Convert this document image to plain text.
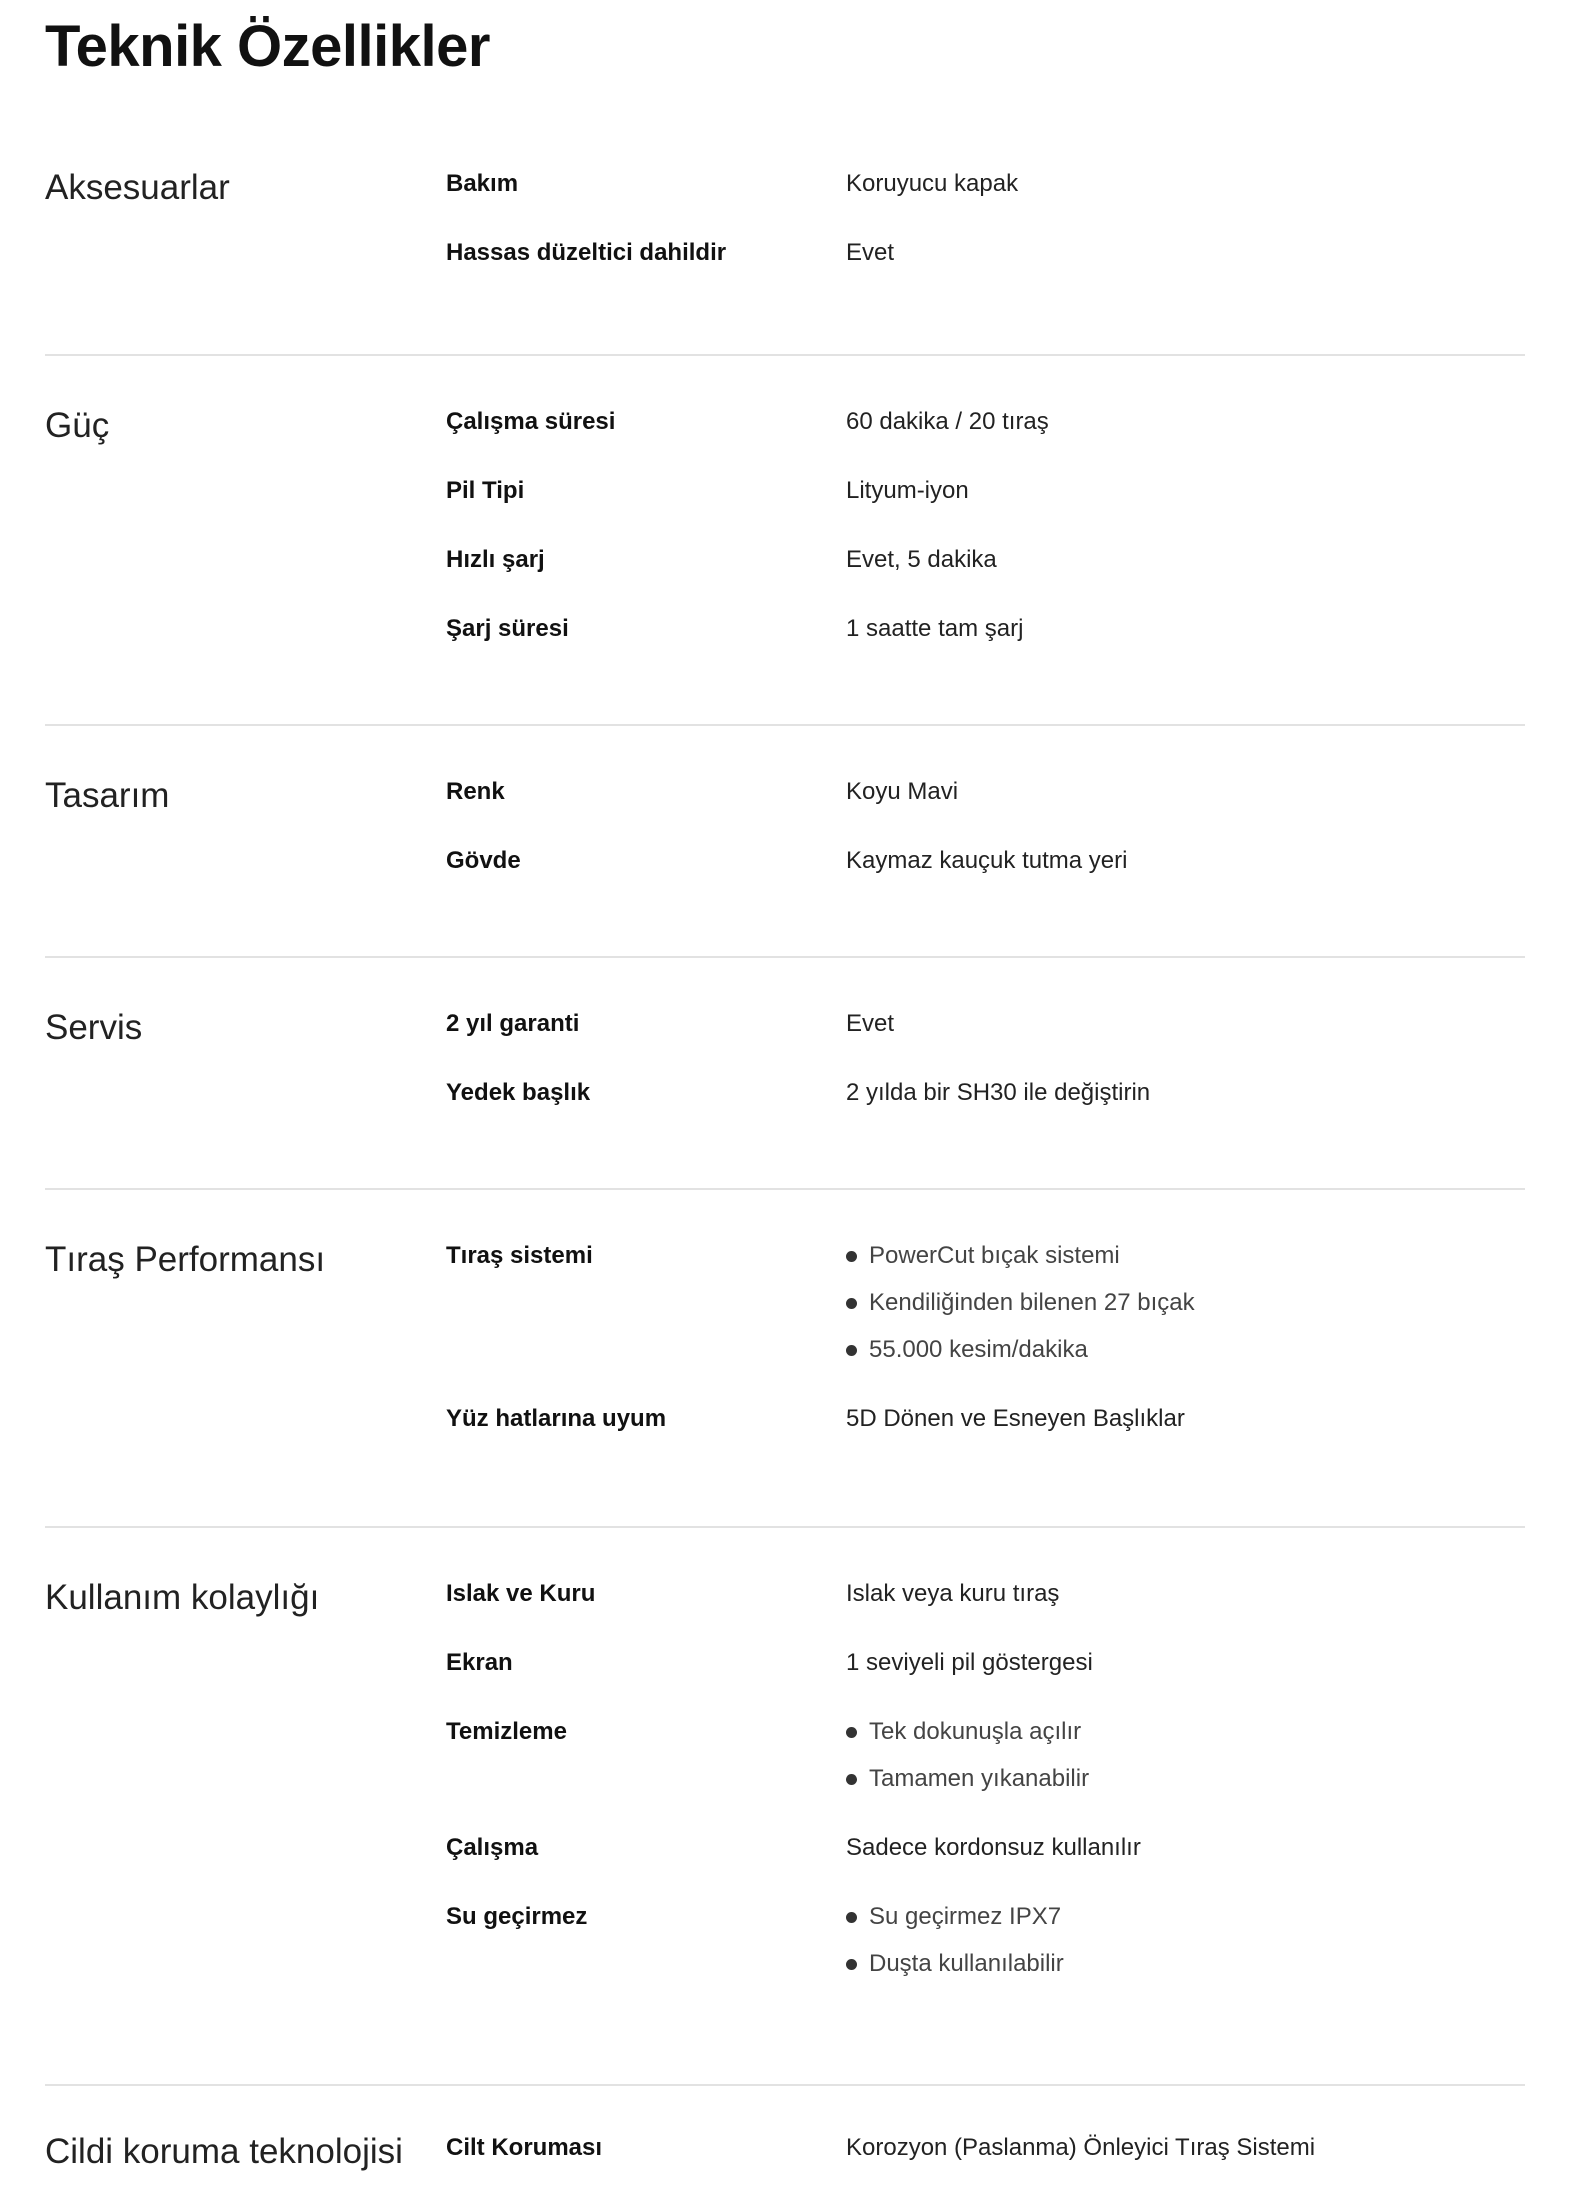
Teknik Özellikler
Aksesuarlar	Bakım	Koruyucu kapak
Hassas düzeltici dahildir	Evet
Güç	Çalışma süresi	60 dakika / 20 tıraş
Pil Tipi	Lityum-iyon
Hızlı şarj	Evet, 5 dakika
Şarj süresi	1 saatte tam şarj
Tasarım	Renk	Koyu Mavi
Gövde	Kaymaz kauçuk tutma yeri
Servis	2 yıl garanti	Evet
Yedek başlık	2 yılda bir SH30 ile değiştirin
Tıraş Performansı	Tıraş sistemi	PowerCut bıçak sistemi
Kendiliğinden bilenen 27 bıçak
55.000 kesim/dakika
Yüz hatlarına uyum	5D Dönen ve Esneyen Başlıklar
Kullanım kolaylığı	Islak ve Kuru	Islak veya kuru tıraş
Ekran	1 seviyeli pil göstergesi
Temizleme	Tek dokunuşla açılır
Tamamen yıkanabilir
Çalışma	Sadece kordonsuz kullanılır
Su geçirmez	Su geçirmez IPX7
Duşta kullanılabilir
Cildi koruma teknolojisi	Cilt Koruması	Korozyon (Paslanma) Önleyici Tıraş Sistemi
